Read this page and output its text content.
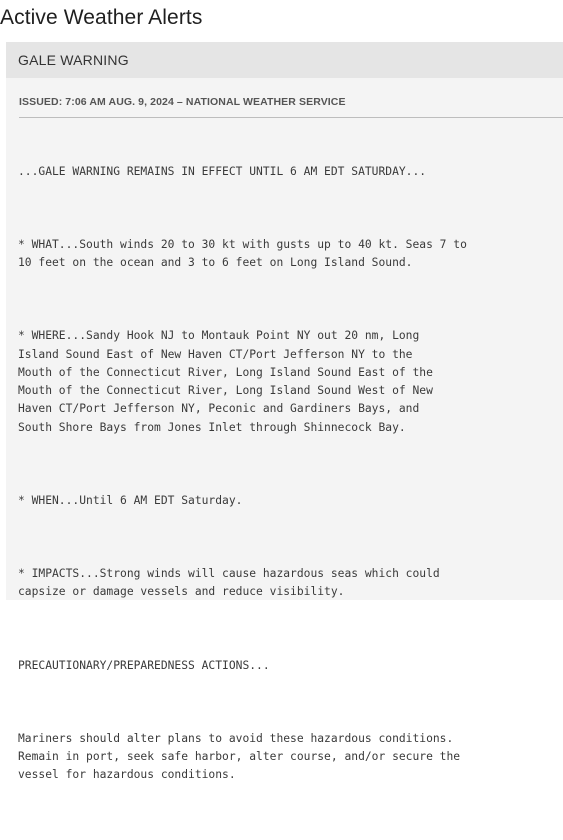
Active Weather Alerts
GALE WARNING
ISSUED: 7:06 AM AUG. 9, 2024 – NATIONAL WEATHER SERVICE

...GALE WARNING REMAINS IN EFFECT UNTIL 6 AM EDT SATURDAY...

* WHAT...South winds 20 to 30 kt with gusts up to 40 kt. Seas 7 to
10 feet on the ocean and 3 to 6 feet on Long Island Sound.

* WHERE...Sandy Hook NJ to Montauk Point NY out 20 nm, Long
Island Sound East of New Haven CT/Port Jefferson NY to the
Mouth of the Connecticut River, Long Island Sound East of the
Mouth of the Connecticut River, Long Island Sound West of New
Haven CT/Port Jefferson NY, Peconic and Gardiners Bays, and
South Shore Bays from Jones Inlet through Shinnecock Bay.

* WHEN...Until 6 AM EDT Saturday.

* IMPACTS...Strong winds will cause hazardous seas which could
capsize or damage vessels and reduce visibility.

PRECAUTIONARY/PREPAREDNESS ACTIONS...

Mariners should alter plans to avoid these hazardous conditions.
Remain in port, seek safe harbor, alter course, and/or secure the
vessel for hazardous conditions.
